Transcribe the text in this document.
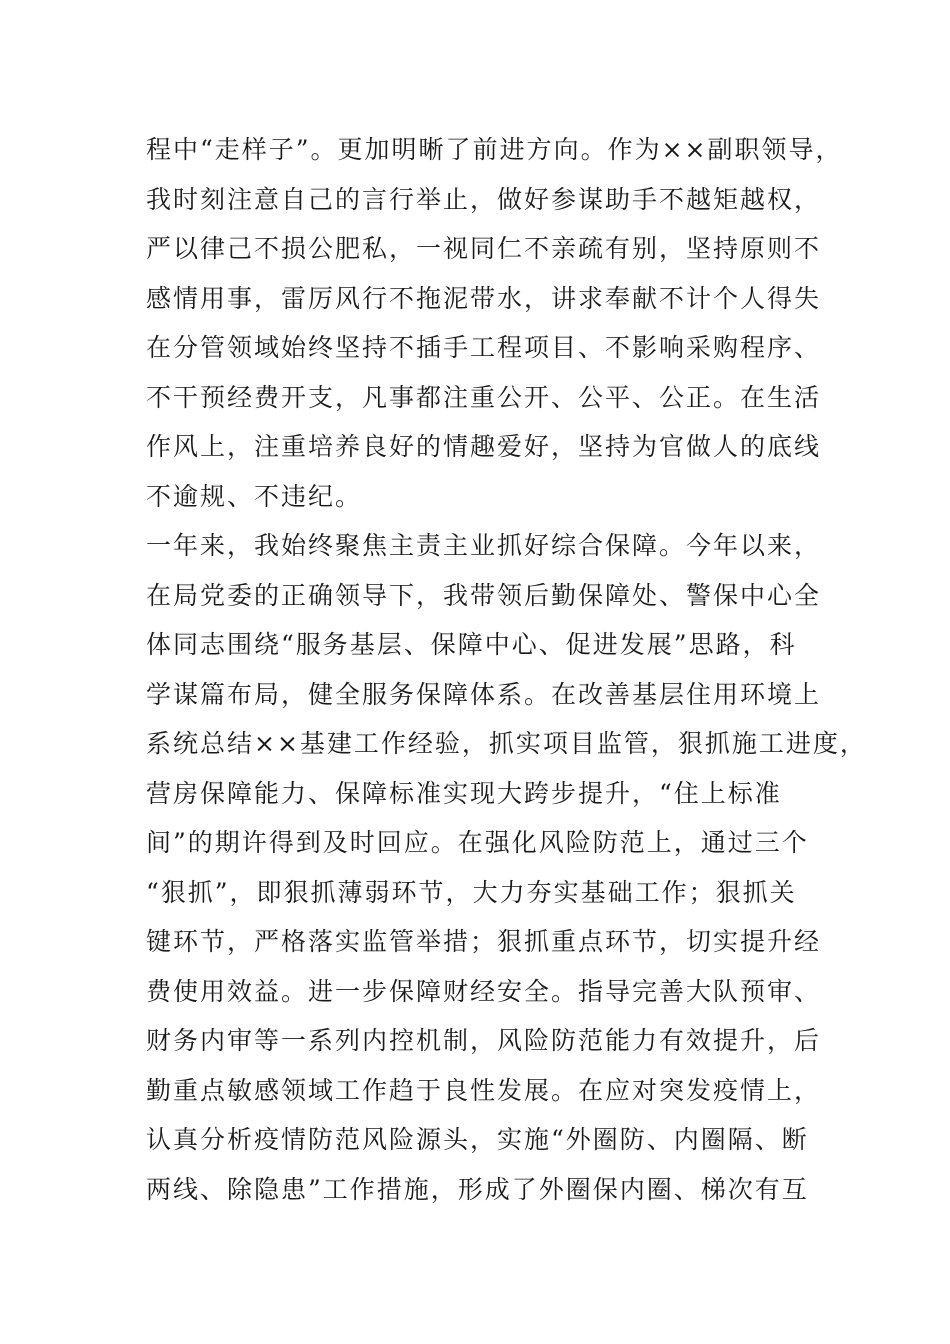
程中“走样子”。更加明晰了前进方向。作为××副职领导，
我时刻注意自己的言行举止，做好参谋助手不越矩越权，
严以律己不损公肥私，一视同仁不亲疏有别，坚持原则不
感情用事，雷厉风行不拖泥带水，讲求奉献不计个人得失
在分管领域始终坚持不插手工程项目、不影响采购程序、
不干预经费开支，凡事都注重公开、公平、公正。在生活
作风上，注重培养良好的情趣爱好，坚持为官做人的底线
不逾规、不违纪。
一年来，我始终聚焦主责主业抓好综合保障。今年以来，
在局党委的正确领导下，我带领后勤保障处、警保中心全
体同志围绕“服务基层、保障中心、促进发展”思路，科
学谋篇布局，健全服务保障体系。在改善基层住用环境上
系统总结××基建工作经验，抓实项目监管，狠抓施工进度，
营房保障能力、保障标准实现大跨步提升，“住上标准
间”的期许得到及时回应。在强化风险防范上，通过三个
“狠抓”，即狠抓薄弱环节，大力夯实基础工作；狠抓关
键环节，严格落实监管举措；狠抓重点环节，切实提升经
费使用效益。进一步保障财经安全。指导完善大队预审、
财务内审等一系列内控机制，风险防范能力有效提升，后
勤重点敏感领域工作趋于良性发展。在应对突发疫情上，
认真分析疫情防范风险源头，实施“外圈防、内圈隔、断
两线、除隐患”工作措施，形成了外圈保内圈、梯次有互
